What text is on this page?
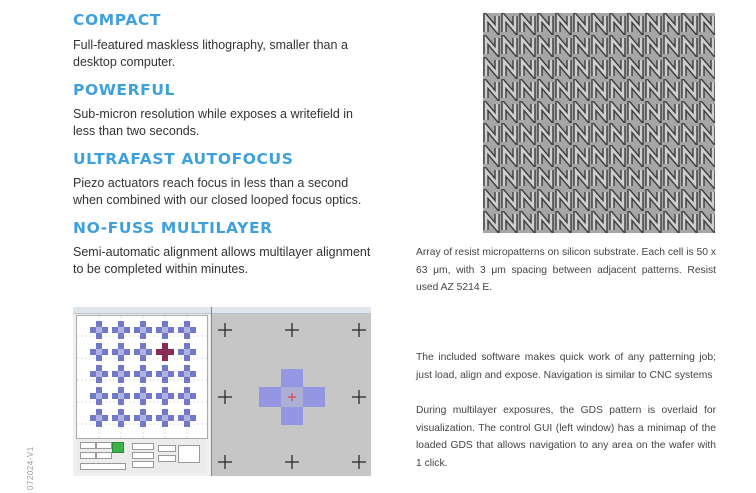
COMPACT
Full-featured maskless lithography, smaller than a desktop computer.
POWERFUL
Sub-micron resolution while exposes a writefield in less than two seconds.
ULTRAFAST AUTOFOCUS
Piezo actuators reach focus in less than a second when combined with our closed looped focus optics.
NO-FUSS MULTILAYER
Semi-automatic alignment allows multilayer alignment to be completed within minutes.
Array of resist micropatterns on silicon substrate. Each cell is 50 x 63 μm, with 3 μm spacing between adjacent patterns. Resist used AZ 5214 E.
The included software makes quick work of any patterning job; just load, align and expose. Navigation is similar to CNC systems
During multilayer exposures, the GDS pattern is overlaid for visualization. The control GUI (left window) has a minimap of the loaded GDS that allows navigation to any area on the wafer with 1 click.
072024-V1
